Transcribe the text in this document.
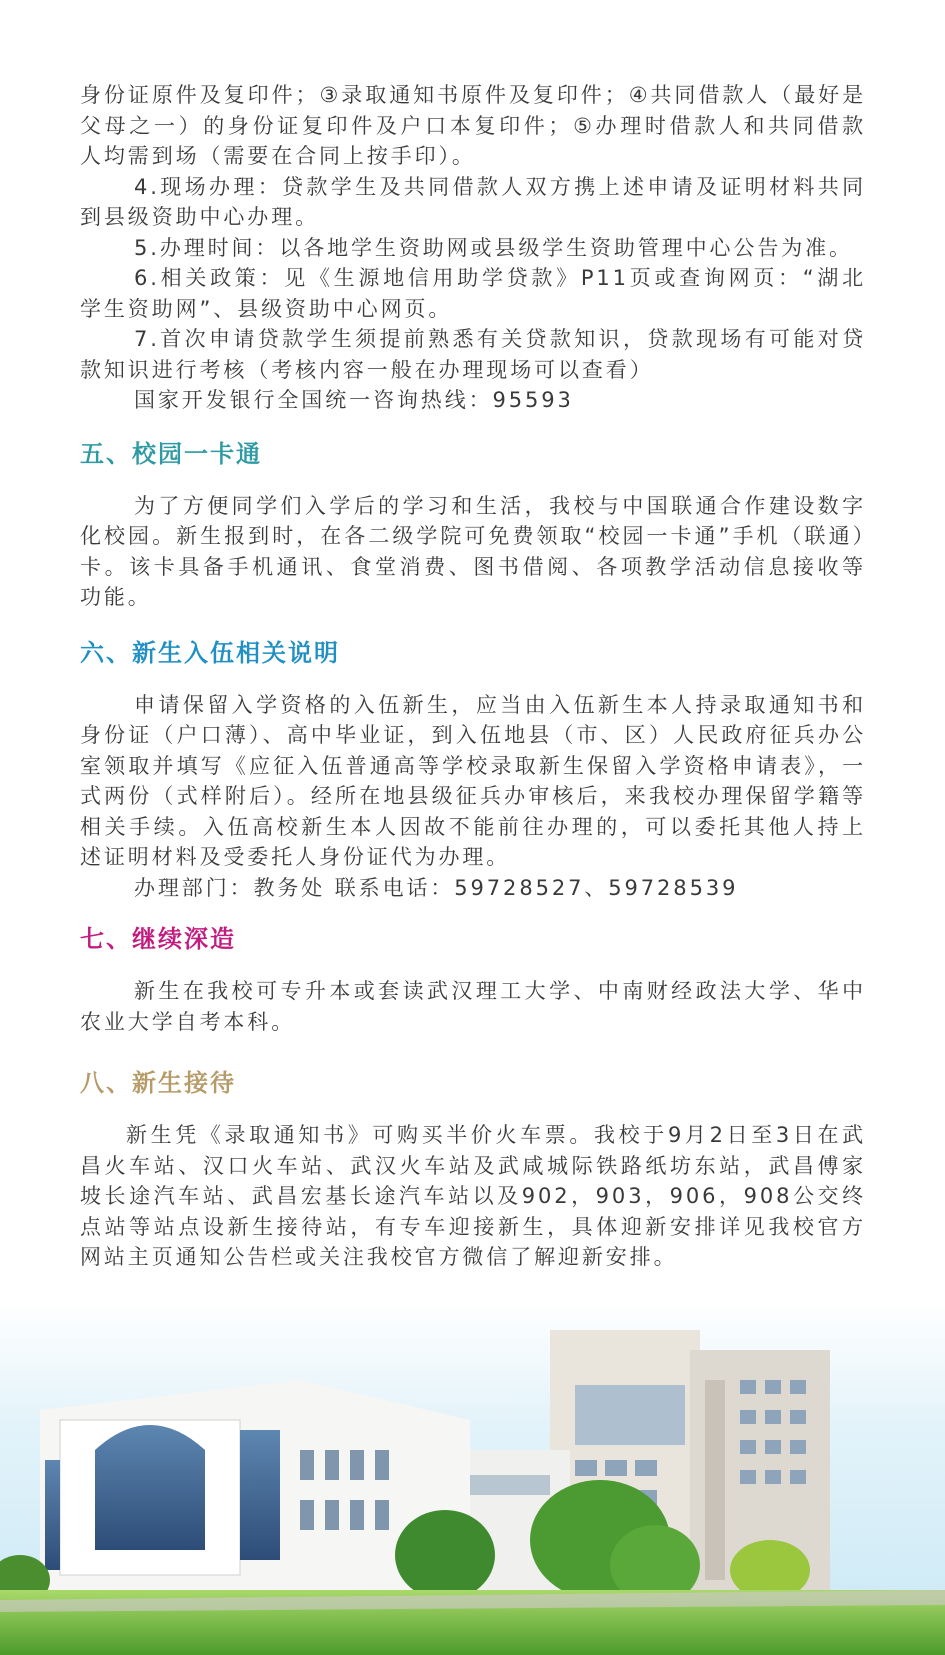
身份证原件及复印件；③录取通知书原件及复印件；④共同借款人（最好是父母之一）的身份证复印件及户口本复印件；⑤办理时借款人和共同借款人均需到场（需要在合同上按手印）。

4.现场办理：贷款学生及共同借款人双方携上述申请及证明材料共同到县级资助中心办理。

5.办理时间：以各地学生资助网或县级学生资助管理中心公告为准。

6.相关政策：见《生源地信用助学贷款》P11页或查询网页：“湖北学生资助网”、县级资助中心网页。

7.首次申请贷款学生须提前熟悉有关贷款知识，贷款现场有可能对贷款知识进行考核（考核内容一般在办理现场可以查看）

国家开发银行全国统一咨询热线：95593

五、校园一卡通

为了方便同学们入学后的学习和生活，我校与中国联通合作建设数字化校园。新生报到时，在各二级学院可免费领取“校园一卡通”手机（联通）卡。该卡具备手机通讯、食堂消费、图书借阅、各项教学活动信息接收等功能。

六、新生入伍相关说明

申请保留入学资格的入伍新生，应当由入伍新生本人持录取通知书和身份证（户口薄）、高中毕业证，到入伍地县（市、区）人民政府征兵办公室领取并填写《应征入伍普通高等学校录取新生保留入学资格申请表》，一式两份（式样附后）。经所在地县级征兵办审核后，来我校办理保留学籍等相关手续。入伍高校新生本人因故不能前往办理的，可以委托其他人持上述证明材料及受委托人身份证代为办理。

办理部门：教务处 联系电话：59728527、59728539

七、继续深造

新生在我校可专升本或套读武汉理工大学、中南财经政法大学、华中农业大学自考本科。

八、新生接待

新生凭《录取通知书》可购买半价火车票。我校于9月2日至3日在武昌火车站、汉口火车站、武汉火车站及武咸城际铁路纸坊东站，武昌傅家坡长途汽车站、武昌宏基长途汽车站以及902，903，906，908公交终点站等站点设新生接待站，有专车迎接新生，具体迎新安排详见我校官方网站主页通知公告栏或关注我校官方微信了解迎新安排。
